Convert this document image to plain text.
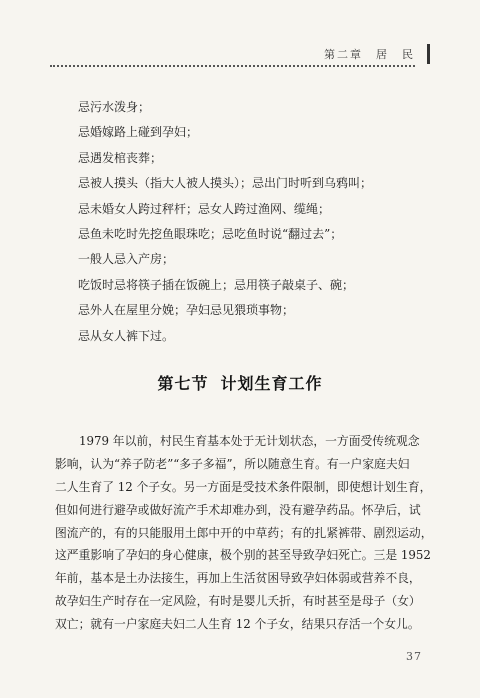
第二章　居　民
忌污水泼身；
忌婚嫁路上碰到孕妇；
忌遇发棺丧葬；
忌被人摸头（指大人被人摸头）；忌出门时听到乌鸦叫；
忌未婚女人跨过秤杆；忌女人跨过渔网、缆绳；
忌鱼未吃时先挖鱼眼珠吃；忌吃鱼时说“翻过去”；
一般人忌入产房；
吃饭时忌将筷子插在饭碗上；忌用筷子敲桌子、碗；
忌外人在屋里分娩；孕妇忌见猥琐事物；
忌从女人裤下过。
第七节 计划生育工作
1979 年以前，村民生育基本处于无计划状态，一方面受传统观念
影响，认为“养子防老”“多子多福”，所以随意生育。有一户家庭夫妇
二人生育了 12 个子女。另一方面是受技术条件限制，即使想计划生育，
但如何进行避孕或做好流产手术却难办到，没有避孕药品。怀孕后，试
图流产的，有的只能服用土郎中开的中草药；有的扎紧裤带、剧烈运动，
这严重影响了孕妇的身心健康，极个别的甚至导致孕妇死亡。三是 1952
年前，基本是土办法接生，再加上生活贫困导致孕妇体弱或营养不良，
故孕妇生产时存在一定风险，有时是婴儿夭折，有时甚至是母子（女）
双亡；就有一户家庭夫妇二人生育 12 个子女，结果只存活一个女儿。
37
